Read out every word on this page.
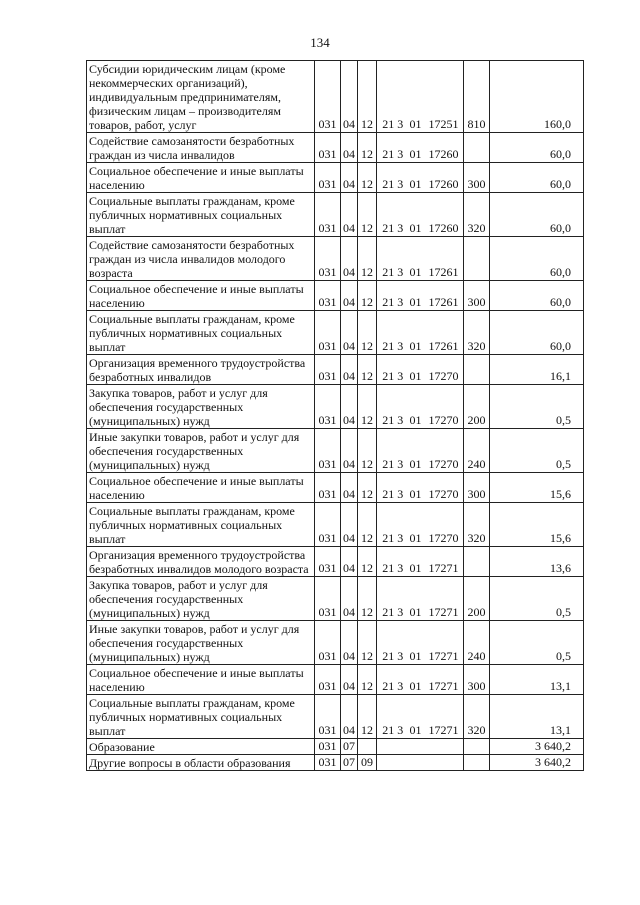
134
Субсидии юридическим лицам (кроме некоммерческих организаций), индивидуальным предпринимателям, физическим лицам – производителям товаров, работ, услуг	031	04	12	21 3	01	17251	810	160,0
Содействие самозанятости безработных граждан из числа инвалидов	031	04	12	21 3	01	17260		60,0
Социальное обеспечение и иные выплаты населению	031	04	12	21 3	01	17260	300	60,0
Социальные выплаты гражданам, кроме публичных нормативных социальных выплат	031	04	12	21 3	01	17260	320	60,0
Содействие самозанятости безработных граждан из числа инвалидов молодого возраста	031	04	12	21 3	01	17261		60,0
Социальное обеспечение и иные выплаты населению	031	04	12	21 3	01	17261	300	60,0
Социальные выплаты гражданам, кроме публичных нормативных социальных выплат	031	04	12	21 3	01	17261	320	60,0
Организация временного трудоустройства безработных инвалидов	031	04	12	21 3	01	17270		16,1
Закупка товаров, работ и услуг для обеспечения государственных (муниципальных) нужд	031	04	12	21 3	01	17270	200	0,5
Иные закупки товаров, работ и услуг для обеспечения государственных (муниципальных) нужд	031	04	12	21 3	01	17270	240	0,5
Социальное обеспечение и иные выплаты населению	031	04	12	21 3	01	17270	300	15,6
Социальные выплаты гражданам, кроме публичных нормативных социальных выплат	031	04	12	21 3	01	17270	320	15,6
Организация временного трудоустройства безработных инвалидов молодого возраста	031	04	12	21 3	01	17271		13,6
Закупка товаров, работ и услуг для обеспечения государственных (муниципальных) нужд	031	04	12	21 3	01	17271	200	0,5
Иные закупки товаров, работ и услуг для обеспечения государственных (муниципальных) нужд	031	04	12	21 3	01	17271	240	0,5
Социальное обеспечение и иные выплаты населению	031	04	12	21 3	01	17271	300	13,1
Социальные выплаты гражданам, кроме публичных нормативных социальных выплат	031	04	12	21 3	01	17271	320	13,1
Образование	031	07						3 640,2
Другие вопросы в области образования	031	07	09					3 640,2
